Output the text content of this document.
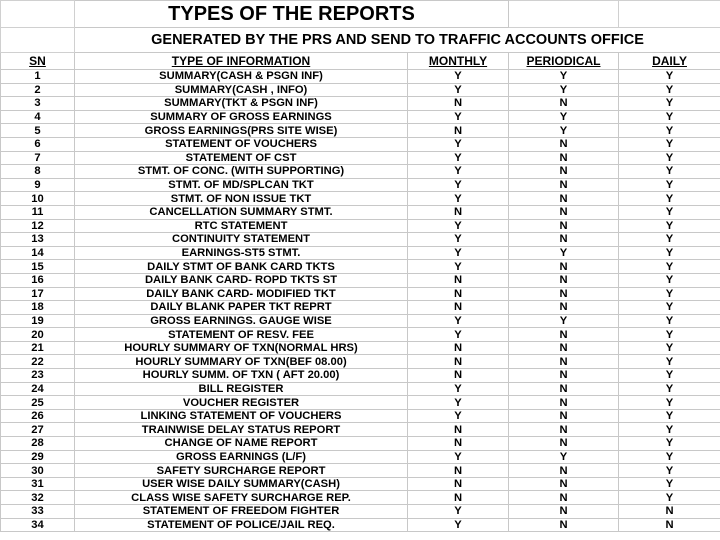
	TYPES OF THE REPORTS			
	GENERATED BY THE PRS AND SEND TO TRAFFIC ACCOUNTS OFFICE			
SN	TYPE OF INFORMATION	MONTHLY	PERIODICAL	DAILY
1	SUMMARY(CASH & PSGN INF)	Y	Y	Y
2	SUMMARY(CASH , INFO)	Y	Y	Y
3	SUMMARY(TKT & PSGN INF)	N	N	Y
4	SUMMARY OF GROSS EARNINGS	Y	Y	Y
5	GROSS EARNINGS(PRS SITE WISE)	N	Y	Y
6	STATEMENT OF VOUCHERS	Y	N	Y
7	STATEMENT OF CST	Y	N	Y
8	STMT. OF CONC. (WITH SUPPORTING)	Y	N	Y
9	STMT. OF MD/SPLCAN TKT	Y	N	Y
10	STMT. OF NON ISSUE TKT	Y	N	Y
11	CANCELLATION SUMMARY STMT.	N	N	Y
12	RTC STATEMENT	Y	N	Y
13	CONTINUITY STATEMENT	Y	N	Y
14	EARNINGS-ST5 STMT.	Y	Y	Y
15	DAILY STMT OF BANK CARD TKTS	Y	N	Y
16	DAILY BANK CARD- ROPD TKTS ST	N	N	Y
17	DAILY BANK CARD- MODIFIED TKT	N	N	Y
18	DAILY BLANK PAPER TKT REPRT	N	N	Y
19	GROSS EARNINGS. GAUGE WISE	Y	Y	Y
20	STATEMENT OF RESV. FEE	Y	N	Y
21	HOURLY SUMMARY OF TXN(NORMAL HRS)	N	N	Y
22	HOURLY SUMMARY OF TXN(BEF 08.00)	N	N	Y
23	HOURLY SUMM. OF TXN ( AFT 20.00)	N	N	Y
24	BILL REGISTER	Y	N	Y
25	VOUCHER REGISTER	Y	N	Y
26	LINKING STATEMENT OF VOUCHERS	Y	N	Y
27	TRAINWISE DELAY STATUS REPORT	N	N	Y
28	CHANGE OF NAME REPORT	N	N	Y
29	GROSS EARNINGS (L/F)	Y	Y	Y
30	SAFETY SURCHARGE REPORT	N	N	Y
31	USER WISE DAILY SUMMARY(CASH)	N	N	Y
32	CLASS WISE SAFETY SURCHARGE REP.	N	N	Y
33	STATEMENT OF FREEDOM FIGHTER	Y	N	N
34	STATEMENT OF POLICE/JAIL REQ.	Y	N	N
